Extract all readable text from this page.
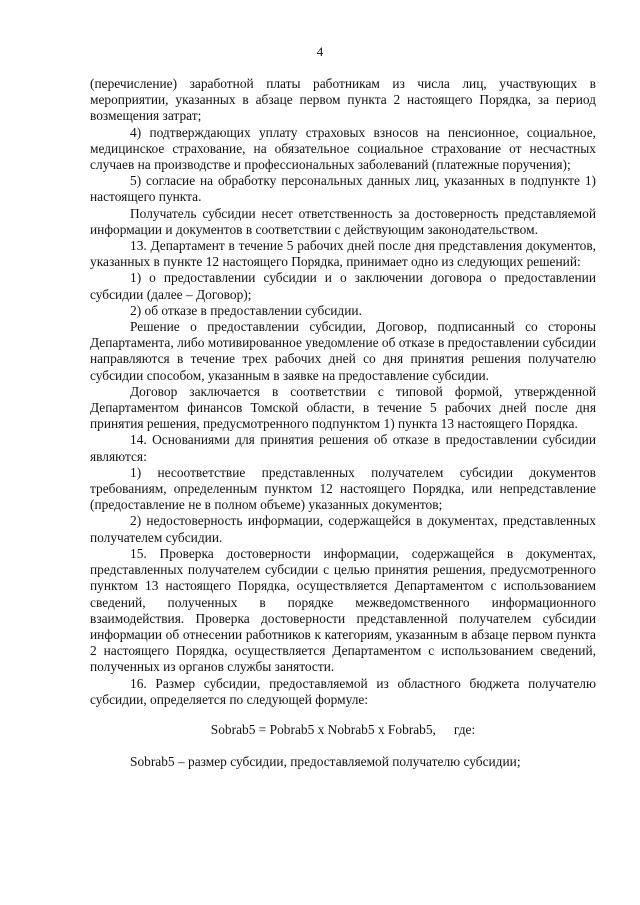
4

(перечисление) заработной платы работникам из числа лиц, участвующих в мероприятии, указанных в абзаце первом пункта 2 настоящего Порядка, за период возмещения затрат;

4) подтверждающих уплату страховых взносов на пенсионное, социальное, медицинское страхование, на обязательное социальное страхование от несчастных случаев на производстве и профессиональных заболеваний (платежные поручения);

5) согласие на обработку персональных данных лиц, указанных в подпункте 1) настоящего пункта.

Получатель субсидии несет ответственность за достоверность представляемой информации и документов в соответствии с действующим законодательством.

13. Департамент в течение 5 рабочих дней после дня представления документов, указанных в пункте 12 настоящего Порядка, принимает одно из следующих решений:

1) о предоставлении субсидии и о заключении договора о предоставлении субсидии (далее – Договор);

2) об отказе в предоставлении субсидии.

Решение о предоставлении субсидии, Договор, подписанный со стороны Департамента, либо мотивированное уведомление об отказе в предоставлении субсидии направляются в течение трех рабочих дней со дня принятия решения получателю субсидии способом, указанным в заявке на предоставление субсидии.

Договор заключается в соответствии с типовой формой, утвержденной Департаментом финансов Томской области, в течение 5 рабочих дней после дня принятия решения, предусмотренного подпунктом 1) пункта 13 настоящего Порядка.

14. Основаниями для принятия решения об отказе в предоставлении субсидии являются:

1) несоответствие представленных получателем субсидии документов требованиям, определенным пунктом 12 настоящего Порядка, или непредставление (предоставление не в полном объеме) указанных документов;

2) недостоверность информации, содержащейся в документах, представленных получателем субсидии.

15. Проверка достоверности информации, содержащейся в документах, представленных получателем субсидии с целью принятия решения, предусмотренного пунктом 13 настоящего Порядка, осуществляется Департаментом с использованием сведений, полученных в порядке межведомственного информационного взаимодействия. Проверка достоверности представленной получателем субсидии информации об отнесении работников к категориям, указанным в абзаце первом пункта 2 настоящего Порядка, осуществляется Департаментом с использованием сведений, полученных из органов службы занятости.

16. Размер субсидии, предоставляемой из областного бюджета получателю субсидии, определяется по следующей формуле:

Sobrab5 = Pobrab5 x Nobrab5 x Fobrab5, где:

Sobrab5 – размер субсидии, предоставляемой получателю субсидии;
